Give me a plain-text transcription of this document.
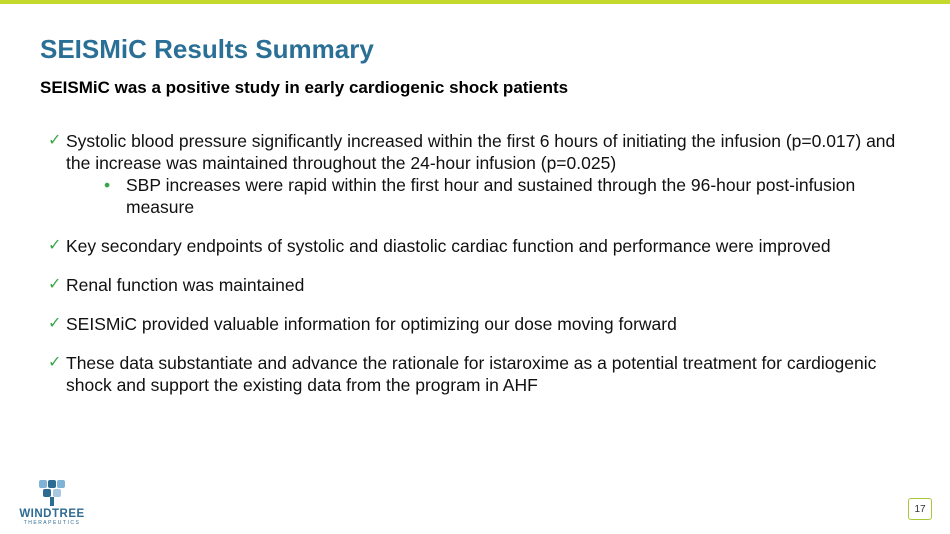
SEISMiC Results Summary
SEISMiC was a positive study in early cardiogenic shock patients
✓ Systolic blood pressure significantly increased within the first 6 hours of initiating the infusion (p=0.017) and the increase was maintained throughout the 24-hour infusion (p=0.025)
• SBP increases were rapid within the first hour and sustained through the 96-hour post-infusion measure
✓ Key secondary endpoints of systolic and diastolic cardiac function and performance were improved
✓ Renal function was maintained
✓ SEISMiC provided valuable information for optimizing our dose moving forward
✓ These data substantiate and advance the rationale for istaroxime as a potential treatment for cardiogenic shock and support the existing data from the program in AHF
WINDTREE
THERAPEUTICS
17
